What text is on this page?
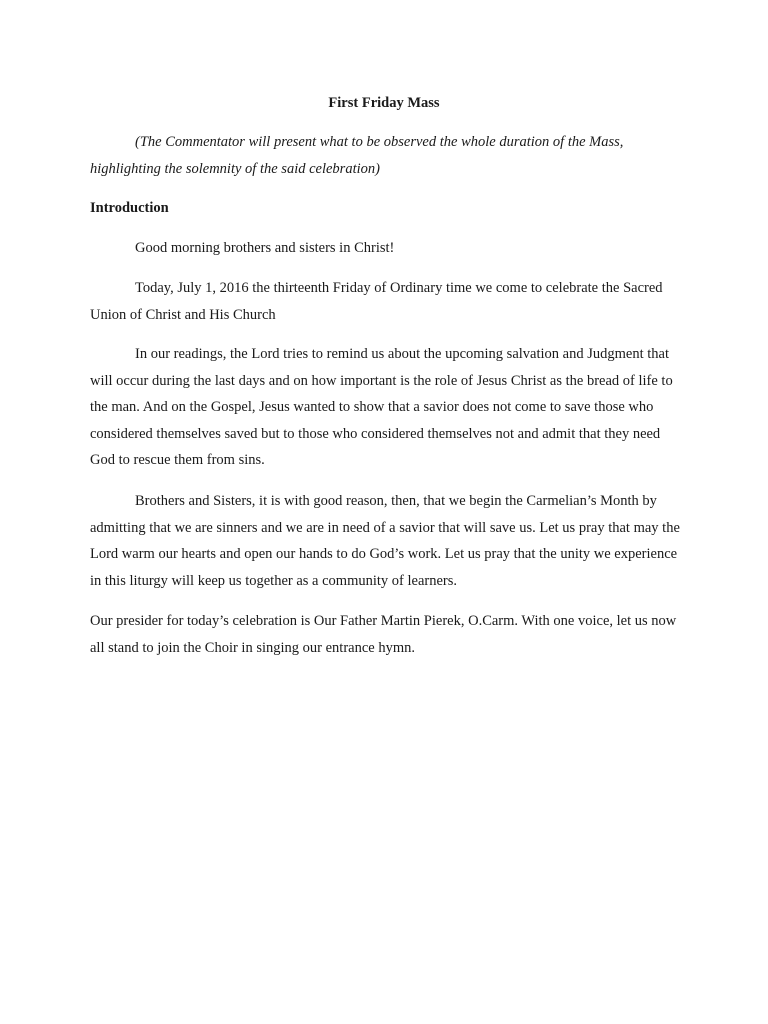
First Friday Mass

(The Commentator will present what to be observed the whole duration of the Mass, highlighting the solemnity of the said celebration)

Introduction

Good morning brothers and sisters in Christ!

Today, July 1, 2016 the thirteenth Friday of Ordinary time we come to celebrate the Sacred Union of Christ and His Church

In our readings, the Lord tries to remind us about the upcoming salvation and Judgment that will occur during the last days and on how important is the role of Jesus Christ as the bread of life to the man. And on the Gospel, Jesus wanted to show that a savior does not come to save those who considered themselves saved but to those who considered themselves not and admit that they need God to rescue them from sins.

Brothers and Sisters, it is with good reason, then, that we begin the Carmelian’s Month by admitting that we are sinners and we are in need of a savior that will save us. Let us pray that may the Lord warm our hearts and open our hands to do God’s work. Let us pray that the unity we experience in this liturgy will keep us together as a community of learners.

Our presider for today’s celebration is Our Father Martin Pierek, O.Carm. With one voice, let us now all stand to join the Choir in singing our entrance hymn.
